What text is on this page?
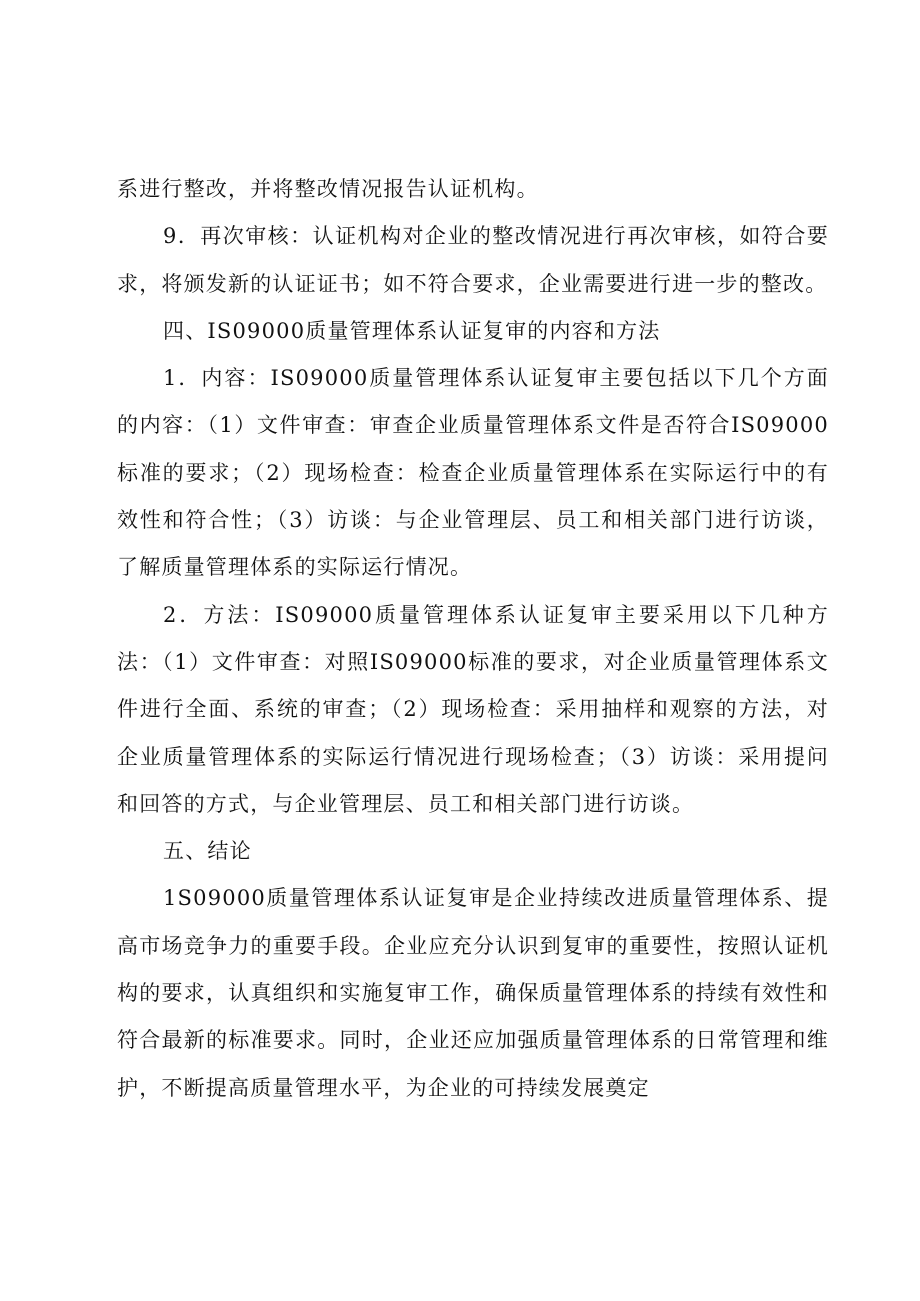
系进行整改，并将整改情况报告认证机构。

9．再次审核：认证机构对企业的整改情况进行再次审核，如符合要求，将颁发新的认证证书；如不符合要求，企业需要进行进一步的整改。

四、IS09000质量管理体系认证复审的内容和方法

1．内容：IS09000质量管理体系认证复审主要包括以下几个方面的内容：（1）文件审查：审查企业质量管理体系文件是否符合IS09000标准的要求；（2）现场检查：检查企业质量管理体系在实际运行中的有效性和符合性；（3）访谈：与企业管理层、员工和相关部门进行访谈，了解质量管理体系的实际运行情况。

2．方法：IS09000质量管理体系认证复审主要采用以下几种方法：（1）文件审查：对照IS09000标准的要求，对企业质量管理体系文件进行全面、系统的审查；（2）现场检查：采用抽样和观察的方法，对企业质量管理体系的实际运行情况进行现场检查；（3）访谈：采用提问和回答的方式，与企业管理层、员工和相关部门进行访谈。

五、结论

1S09000质量管理体系认证复审是企业持续改进质量管理体系、提高市场竞争力的重要手段。企业应充分认识到复审的重要性，按照认证机构的要求，认真组织和实施复审工作，确保质量管理体系的持续有效性和符合最新的标准要求。同时，企业还应加强质量管理体系的日常管理和维护，不断提高质量管理水平，为企业的可持续发展奠定
